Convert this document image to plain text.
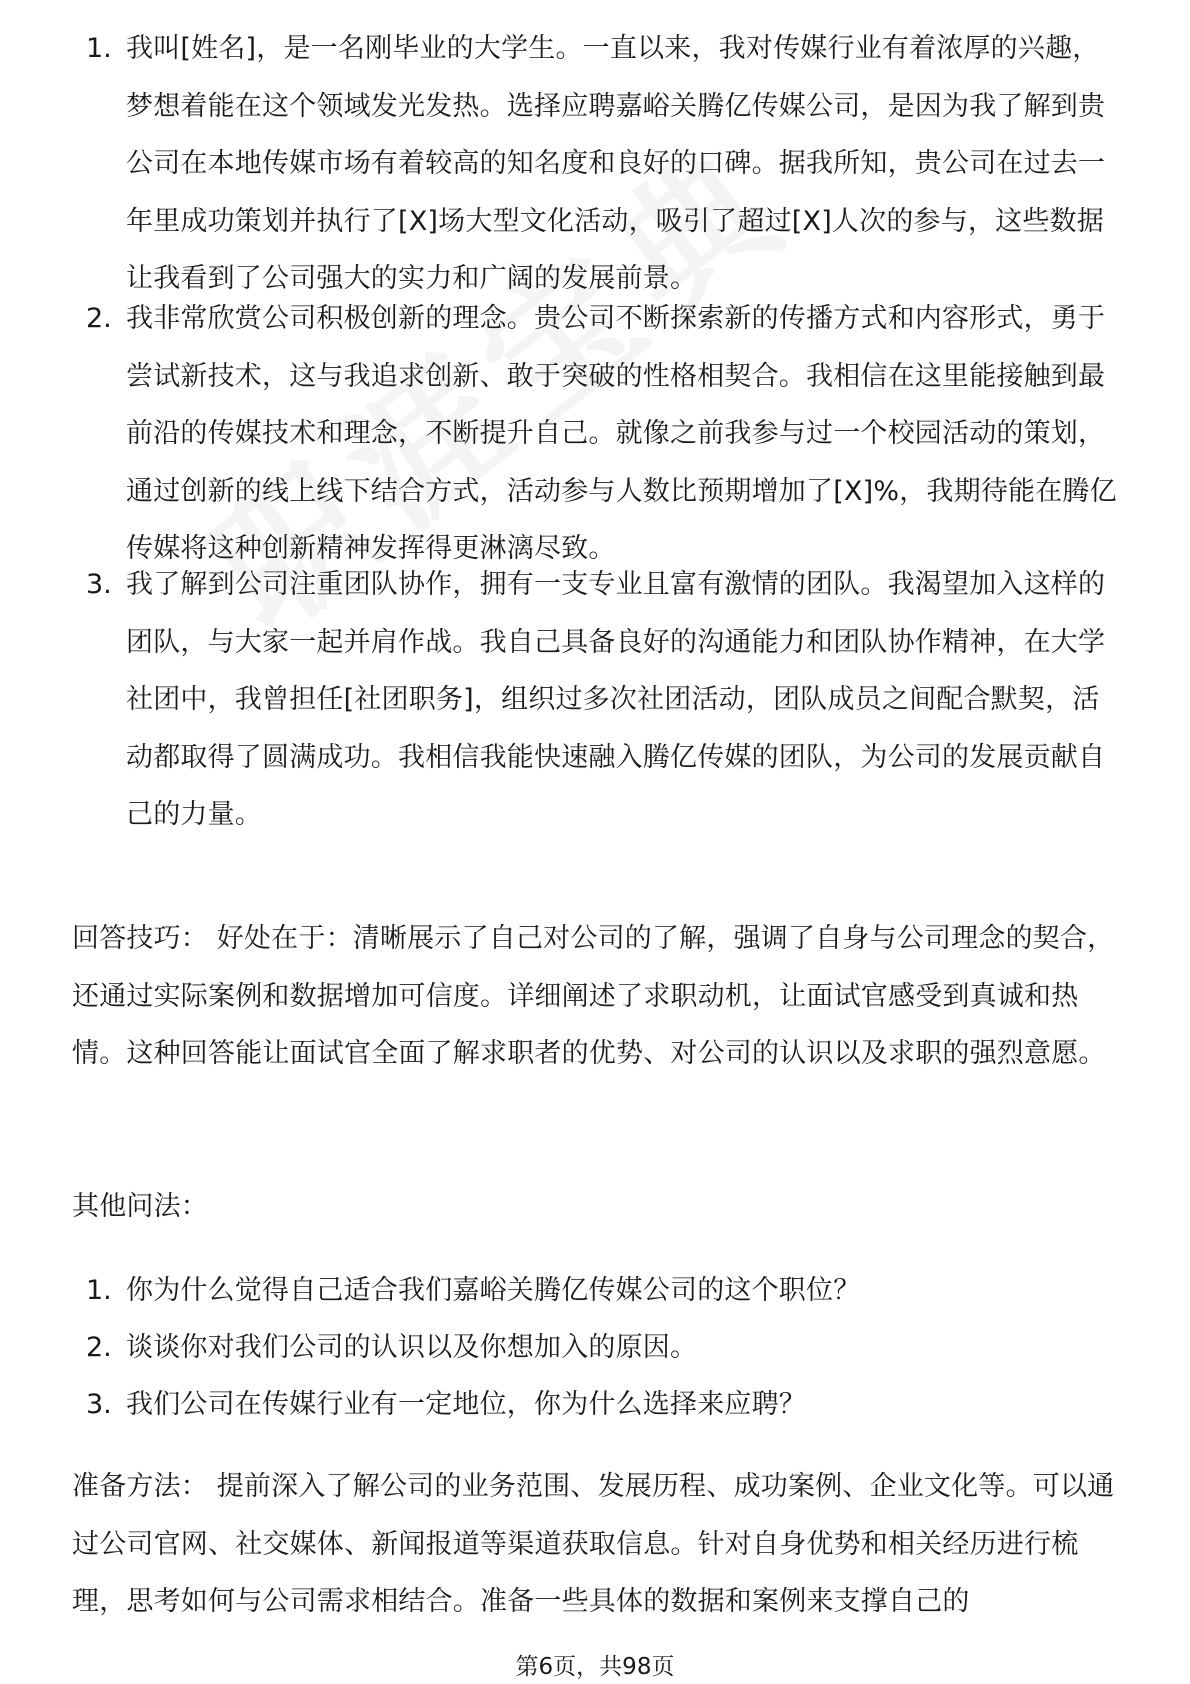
1. 我叫[姓名]，是一名刚毕业的大学生。一直以来，我对传媒行业有着浓厚的兴趣，梦想着能在这个领域发光发热。选择应聘嘉峪关腾亿传媒公司，是因为我了解到贵公司在本地传媒市场有着较高的知名度和良好的口碑。据我所知，贵公司在过去一年里成功策划并执行了[X]场大型文化活动，吸引了超过[X]人次的参与，这些数据让我看到了公司强大的实力和广阔的发展前景。
2. 我非常欣赏公司积极创新的理念。贵公司不断探索新的传播方式和内容形式，勇于尝试新技术，这与我追求创新、敢于突破的性格相契合。我相信在这里能接触到最前沿的传媒技术和理念，不断提升自己。就像之前我参与过一个校园活动的策划，通过创新的线上线下结合方式，活动参与人数比预期增加了[X]%，我期待能在腾亿传媒将这种创新精神发挥得更淋漓尽致。
3. 我了解到公司注重团队协作，拥有一支专业且富有激情的团队。我渴望加入这样的团队，与大家一起并肩作战。我自己具备良好的沟通能力和团队协作精神，在大学社团中，我曾担任[社团职务]，组织过多次社团活动，团队成员之间配合默契，活动都取得了圆满成功。我相信我能快速融入腾亿传媒的团队，为公司的发展贡献自己的力量。
回答技巧： 好处在于：清晰展示了自己对公司的了解，强调了自身与公司理念的契合，还通过实际案例和数据增加可信度。详细阐述了求职动机，让面试官感受到真诚和热情。这种回答能让面试官全面了解求职者的优势、对公司的认识以及求职的强烈意愿。
其他问法：
1. 你为什么觉得自己适合我们嘉峪关腾亿传媒公司的这个职位？
2. 谈谈你对我们公司的认识以及你想加入的原因。
3. 我们公司在传媒行业有一定地位，你为什么选择来应聘？
准备方法： 提前深入了解公司的业务范围、发展历程、成功案例、企业文化等。可以通过公司官网、社交媒体、新闻报道等渠道获取信息。针对自身优势和相关经历进行梳理，思考如何与公司需求相结合。准备一些具体的数据和案例来支撑自己的
第6页，共98页
